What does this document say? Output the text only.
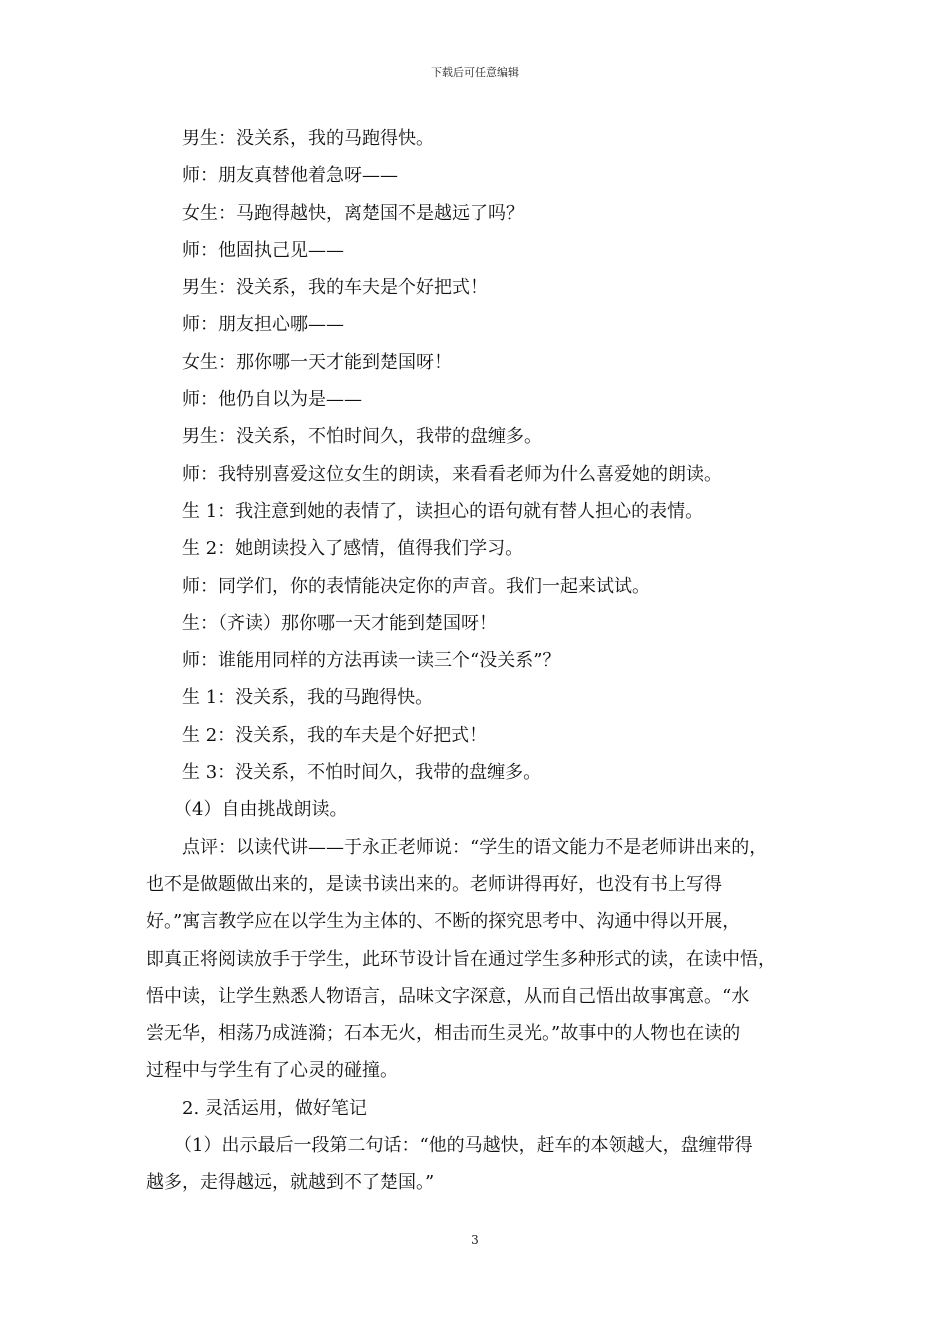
下载后可任意编辑
男生：没关系，我的马跑得快。
师：朋友真替他着急呀——
女生：马跑得越快，离楚国不是越远了吗？
师：他固执己见——
男生：没关系，我的车夫是个好把式！
师：朋友担心哪——
女生：那你哪一天才能到楚国呀！
师：他仍自以为是——
男生：没关系，不怕时间久，我带的盘缠多。
师：我特别喜爱这位女生的朗读，来看看老师为什么喜爱她的朗读。
生 1：我注意到她的表情了，读担心的语句就有替人担心的表情。
生 2：她朗读投入了感情，值得我们学习。
师：同学们，你的表情能决定你的声音。我们一起来试试。
生：（齐读）那你哪一天才能到楚国呀！
师：谁能用同样的方法再读一读三个“没关系”？
生 1：没关系，我的马跑得快。
生 2：没关系，我的车夫是个好把式！
生 3：没关系，不怕时间久，我带的盘缠多。
（4）自由挑战朗读。
点评：以读代讲——于永正老师说：“学生的语文能力不是老师讲出来的，
也不是做题做出来的，是读书读出来的。老师讲得再好，也没有书上写得
好。”寓言教学应在以学生为主体的、不断的探究思考中、沟通中得以开展，
即真正将阅读放手于学生，此环节设计旨在通过学生多种形式的读，在读中悟，
悟中读，让学生熟悉人物语言，品味文字深意，从而自己悟出故事寓意。“水
尝无华，相荡乃成涟漪；石本无火，相击而生灵光。”故事中的人物也在读的
过程中与学生有了心灵的碰撞。
2. 灵活运用，做好笔记
（1）出示最后一段第二句话：“他的马越快，赶车的本领越大，盘缠带得
越多，走得越远，就越到不了楚国。”
3
